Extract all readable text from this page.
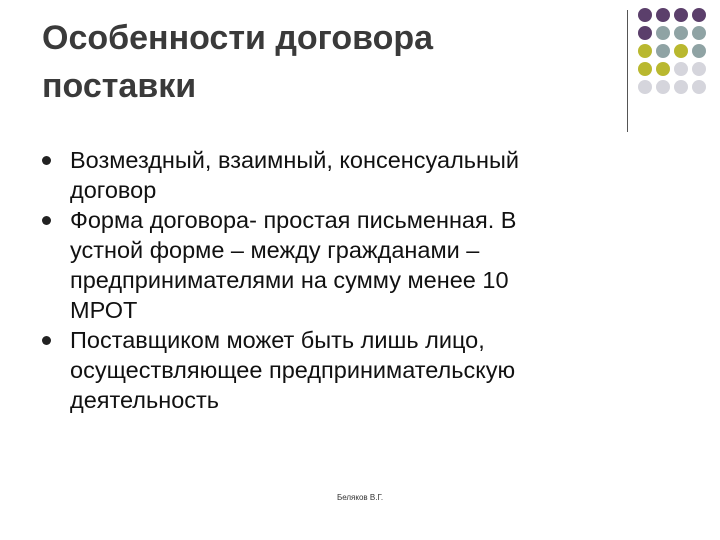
Особенности договора
поставки
Возмездный, взаимный, консенсуальный
договор
Форма договора- простая письменная. В
устной форме – между гражданами –
предпринимателями на сумму менее 10
МРОТ
Поставщиком может быть лишь лицо,
осуществляющее предпринимательскую
деятельность
Беляков В.Г.
